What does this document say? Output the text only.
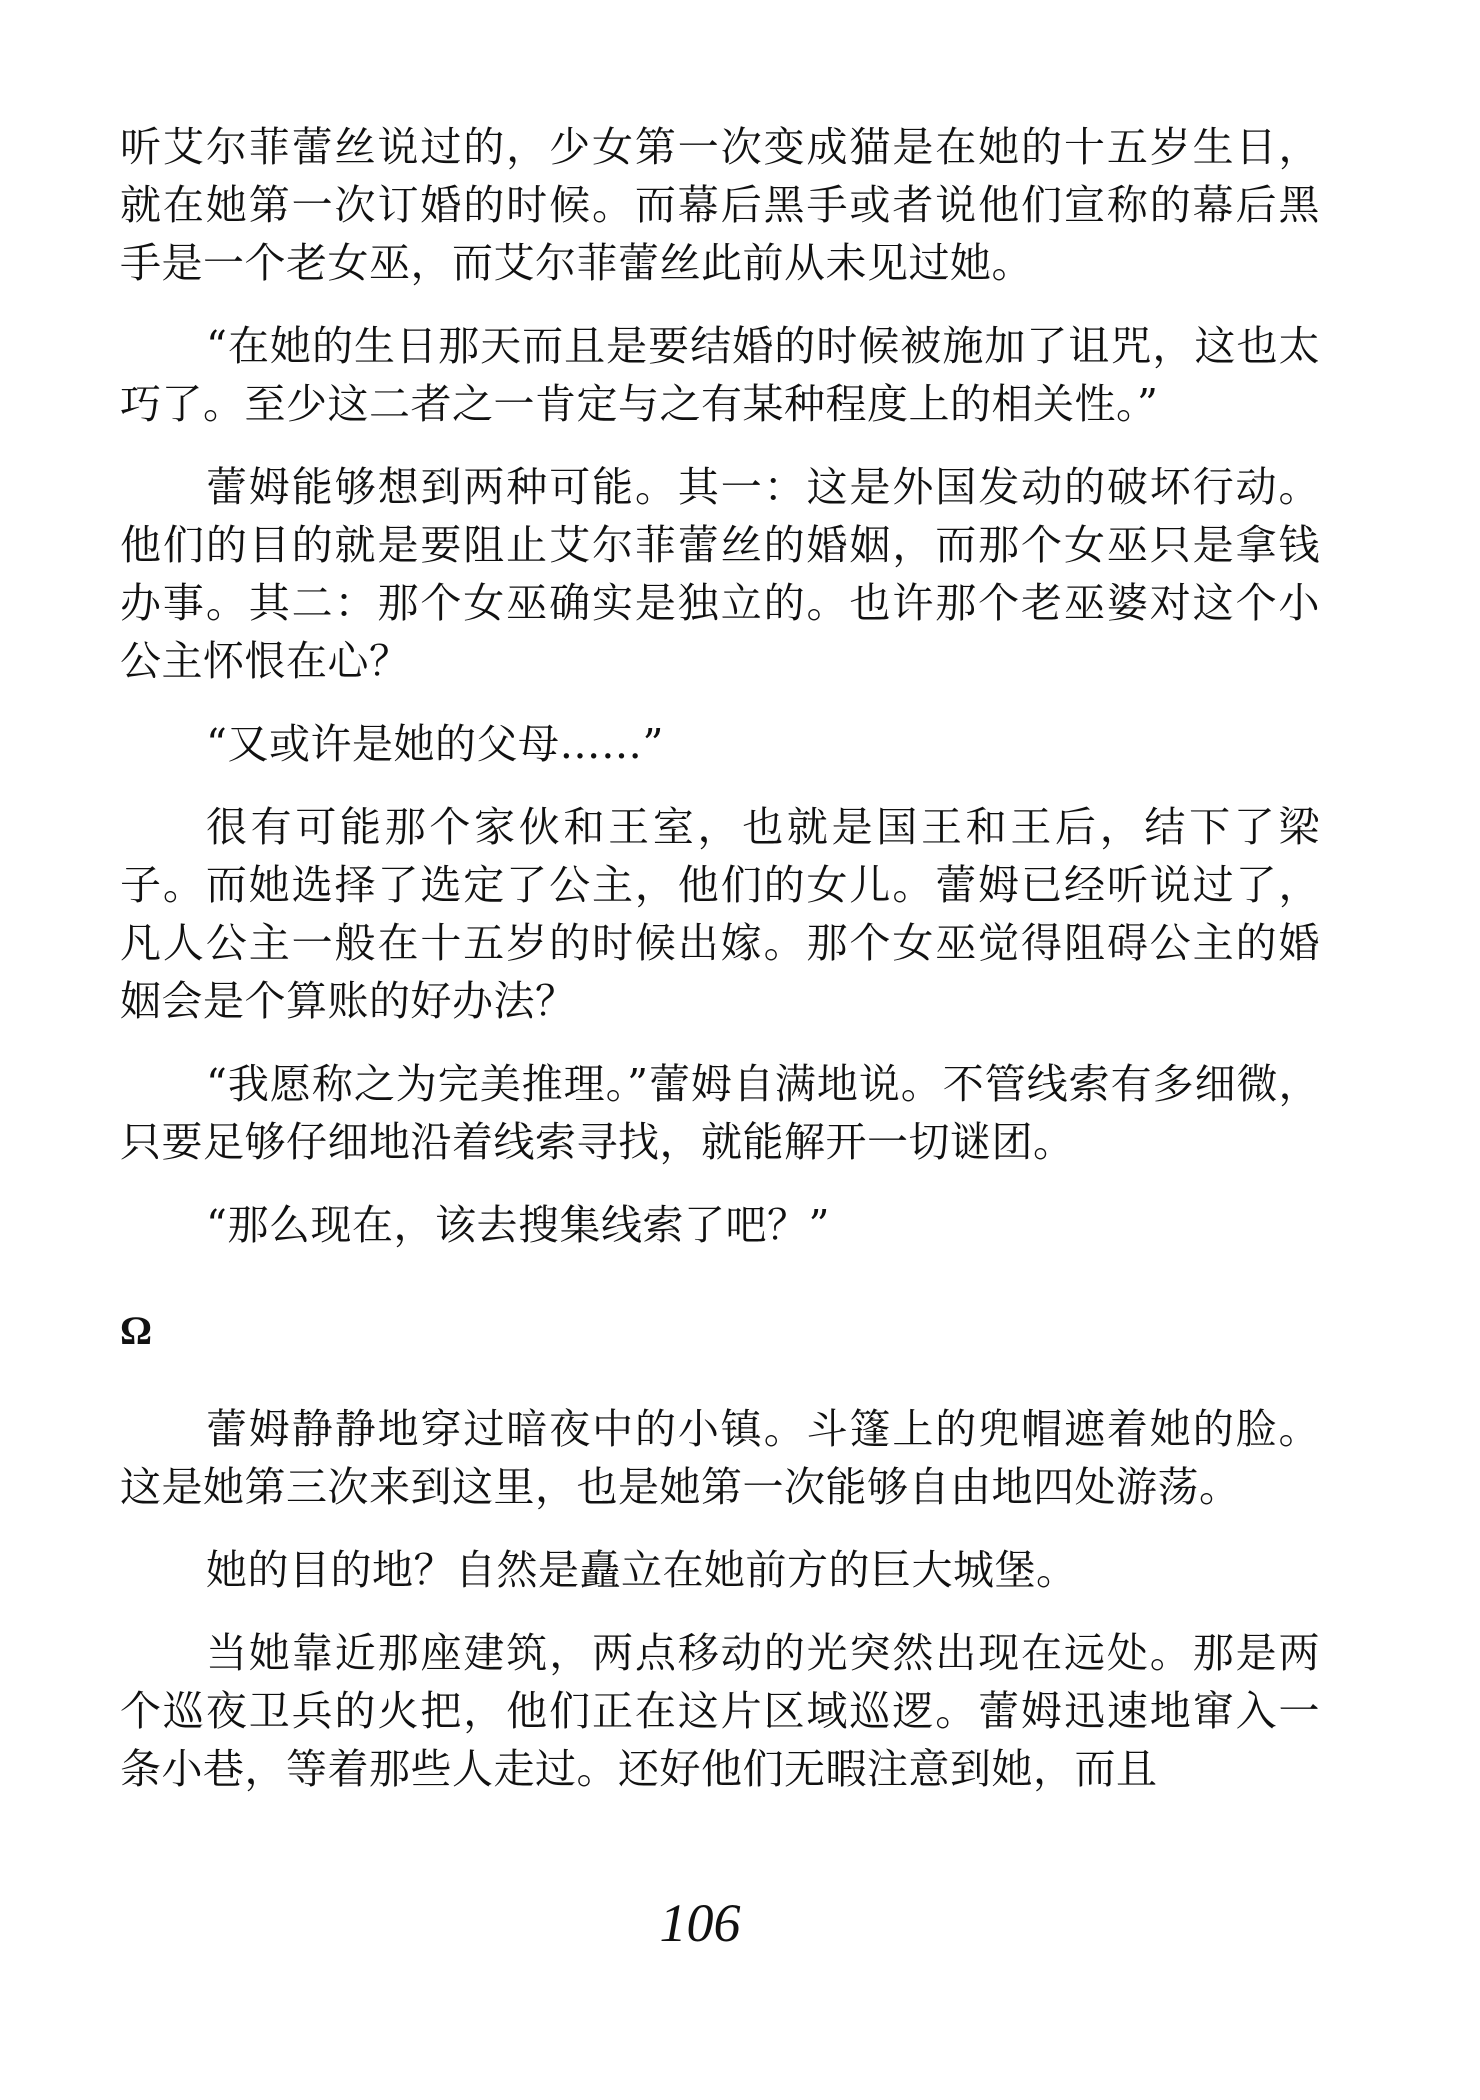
听艾尔菲蕾丝说过的，少女第一次变成猫是在她的十五岁生日，就在她第一次订婚的时候。而幕后黑手或者说他们宣称的幕后黑手是一个老女巫，而艾尔菲蕾丝此前从未见过她。

“在她的生日那天而且是要结婚的时候被施加了诅咒，这也太巧了。至少这二者之一肯定与之有某种程度上的相关性。”

蕾姆能够想到两种可能。其一：这是外国发动的破坏行动。他们的目的就是要阻止艾尔菲蕾丝的婚姻，而那个女巫只是拿钱办事。其二：那个女巫确实是独立的。也许那个老巫婆对这个小公主怀恨在心？

“又或许是她的父母……”

很有可能那个家伙和王室，也就是国王和王后，结下了梁子。而她选择了选定了公主，他们的女儿。蕾姆已经听说过了，凡人公主一般在十五岁的时候出嫁。那个女巫觉得阻碍公主的婚姻会是个算账的好办法？

“我愿称之为完美推理。”蕾姆自满地说。不管线索有多细微，只要足够仔细地沿着线索寻找，就能解开一切谜团。

“那么现在，该去搜集线索了吧？”

Ω

蕾姆静静地穿过暗夜中的小镇。斗篷上的兜帽遮着她的脸。这是她第三次来到这里，也是她第一次能够自由地四处游荡。

她的目的地？自然是矗立在她前方的巨大城堡。

当她靠近那座建筑，两点移动的光突然出现在远处。那是两个巡夜卫兵的火把，他们正在这片区域巡逻。蕾姆迅速地窜入一条小巷，等着那些人走过。还好他们无暇注意到她，而且

106
